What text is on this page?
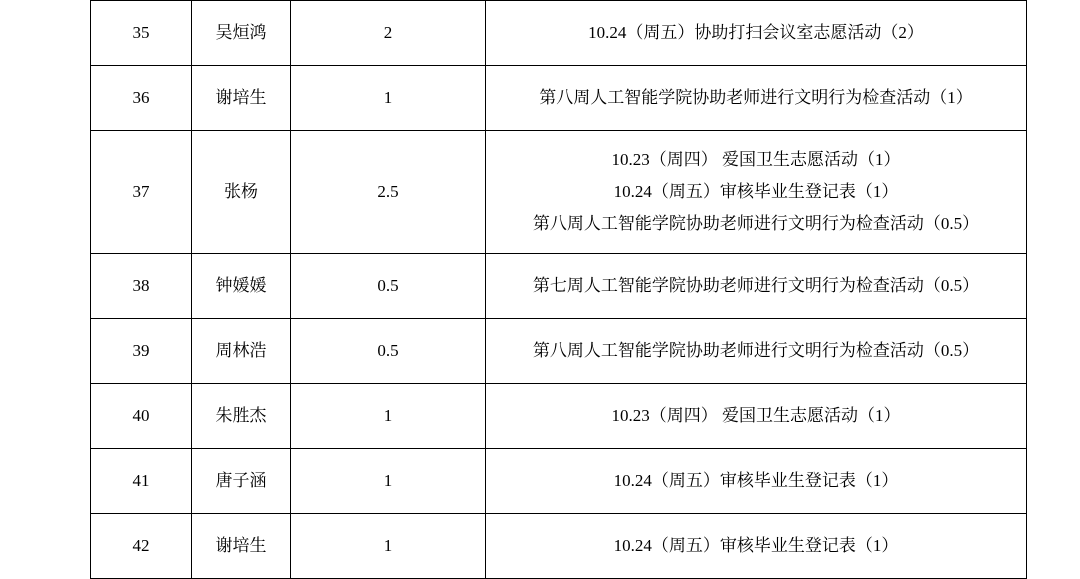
35	吴烜鸿	2	10.24（周五）协助打扫会议室志愿活动（2）

36	谢培生	1	第八周人工智能学院协助老师进行文明行为检查活动（1）

37	张杨	2.5	10.23（周四） 爱国卫生志愿活动（1）
10.24（周五）审核毕业生登记表（1）
第八周人工智能学院协助老师进行文明行为检查活动（0.5）

38	钟媛媛	0.5	第七周人工智能学院协助老师进行文明行为检查活动（0.5）

39	周林浩	0.5	第八周人工智能学院协助老师进行文明行为检查活动（0.5）

40	朱胜杰	1	10.23（周四） 爱国卫生志愿活动（1）

41	唐子涵	1	10.24（周五）审核毕业生登记表（1）

42	谢培生	1	10.24（周五）审核毕业生登记表（1）
